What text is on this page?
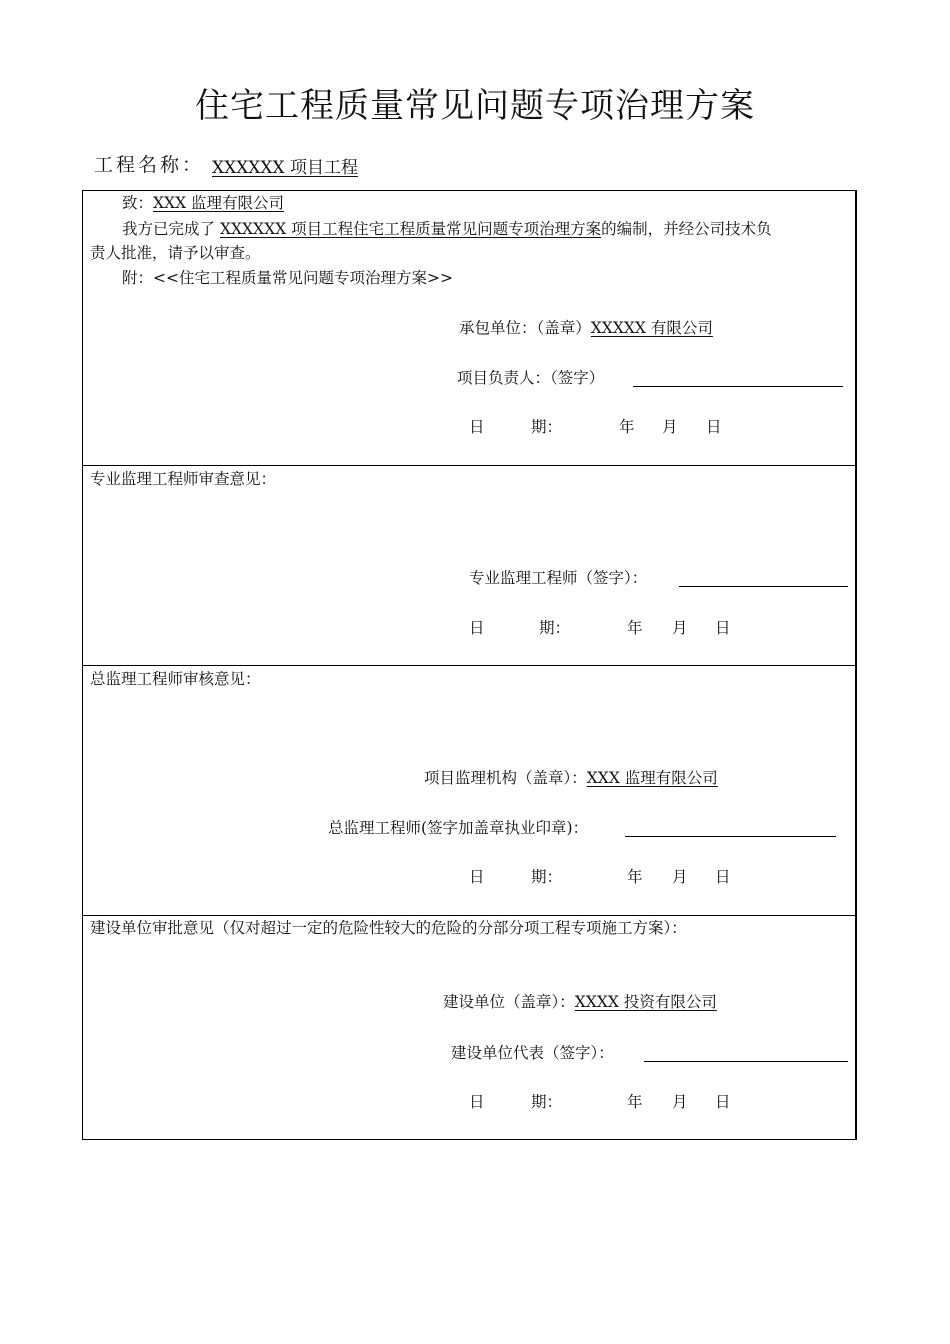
住宅工程质量常见问题专项治理方案
工程名称： XXXXXX 项目工程
致：XXX 监理有限公司
我方已完成了 XXXXXX 项目工程住宅工程质量常见问题专项治理方案的编制，并经公司技术负
责人批准，请予以审查。
附：<<住宅工程质量常见问题专项治理方案>>
承包单位：（盖章）XXXXX 有限公司
项目负责人：（签字）
日	期：	年 月 日
专业监理工程师审查意见：
专业监理工程师（签字）：
日	期：	年 月 日
总监理工程师审核意见：
项目监理机构（盖章）：XXX 监理有限公司
总监理工程师(签字加盖章执业印章)：
日	期：	年 月 日
建设单位审批意见（仅对超过一定的危险性较大的危险的分部分项工程专项施工方案）：
建设单位（盖章）：XXXX 投资有限公司
建设单位代表（签字）：
日	期：	年 月 日
